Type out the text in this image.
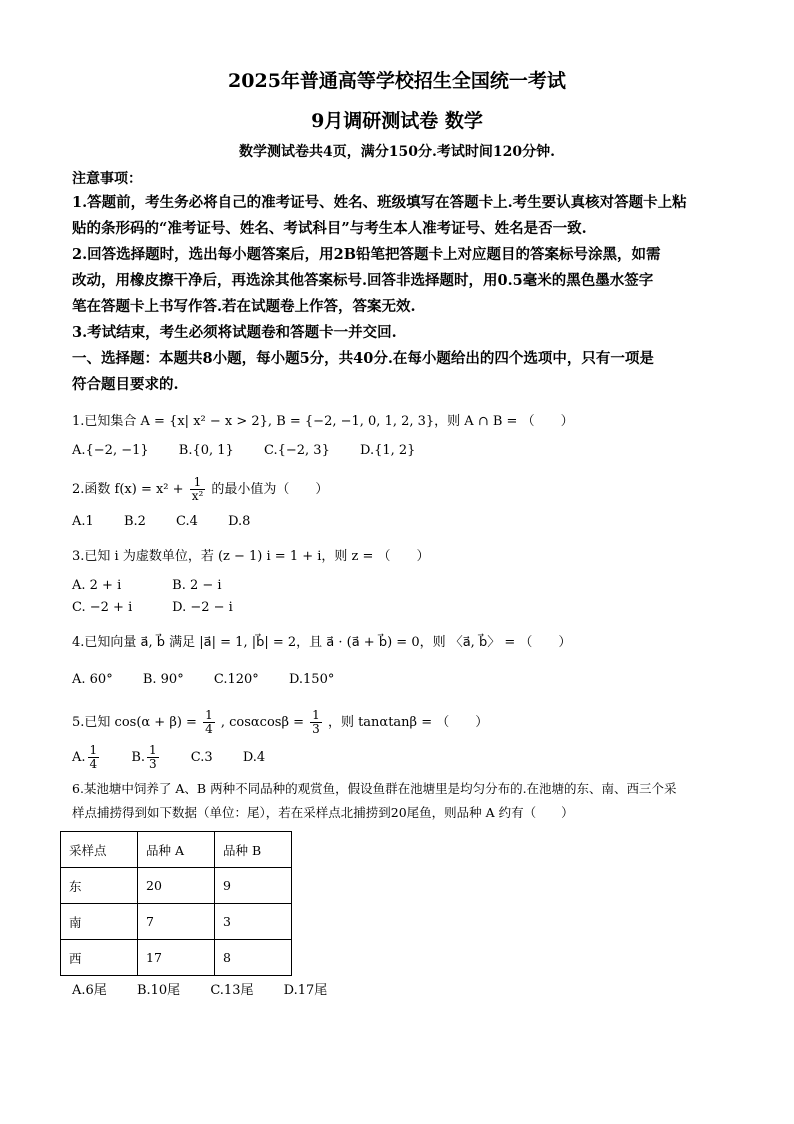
2025年普通高等学校招生全国统一考试
9月调研测试卷 数学
数学测试卷共4页，满分150分.考试时间120分钟.
注意事项：
1.答题前，考生务必将自己的准考证号、姓名、班级填写在答题卡上.考生要认真核对答题卡上粘
贴的条形码的“准考证号、姓名、考试科目”与考生本人准考证号、姓名是否一致.
2.回答选择题时，选出每小题答案后，用2B铅笔把答题卡上对应题目的答案标号涂黑，如需
改动，用橡皮擦干净后，再选涂其他答案标号.回答非选择题时，用0.5毫米的黑色墨水签字
笔在答题卡上书写作答.若在试题卷上作答，答案无效.
3.考试结束，考生必须将试题卷和答题卡一并交回.
一、选择题：本题共8小题，每小题5分，共40分.在每小题给出的四个选项中，只有一项是
符合题目要求的.
1.已知集合 A = {x| x² − x > 2}, B = {−2, −1, 0, 1, 2, 3}，则 A ∩ B = （　　）
A.{−2, −1} B.{0, 1} C.{−2, 3} D.{1, 2}
2.函数 $f(x) = x^2 + \frac{1}{\text{x²}}$ 的最小值为（　　）
A.1 B.2 C.4 D.8
3.已知 i 为虚数单位，若 (z − 1) i = 1 + i，则 z = （　　）
A. 2 + i	B. 2 − i
C. −2 + i	D. −2 − i
4.已知向量 a⃗, b⃗ 满足 |a⃗| = 1, |b⃗| = 2，且 a⃗ · (a⃗ + b⃗) = 0，则 〈a⃗, b⃗〉 = （　　）
A. 60° B. 90° C.120° D.150°
5.已知 $\cos(\alpha + \beta) = \frac{1}{4}$ , $\cos\alpha\cos\beta = \frac{1}{3}$ ，则 tanαtanβ = （　　）
A. $\frac{1}{4} B$. $\frac{1}{3} C.3$ D.4
6.某池塘中饲养了 A、B 两种不同品种的观赏鱼，假设鱼群在池塘里是均匀分布的.在池塘的东、南、西三个采
样点捕捞得到如下数据（单位：尾），若在采样点北捕捞到20尾鱼，则品种 A 约有（　　）
采样点	品种 A	品种 B
东	20	9
南	7	3
西	17	8
A.6尾 B.10尾 C.13尾 D.17尾
